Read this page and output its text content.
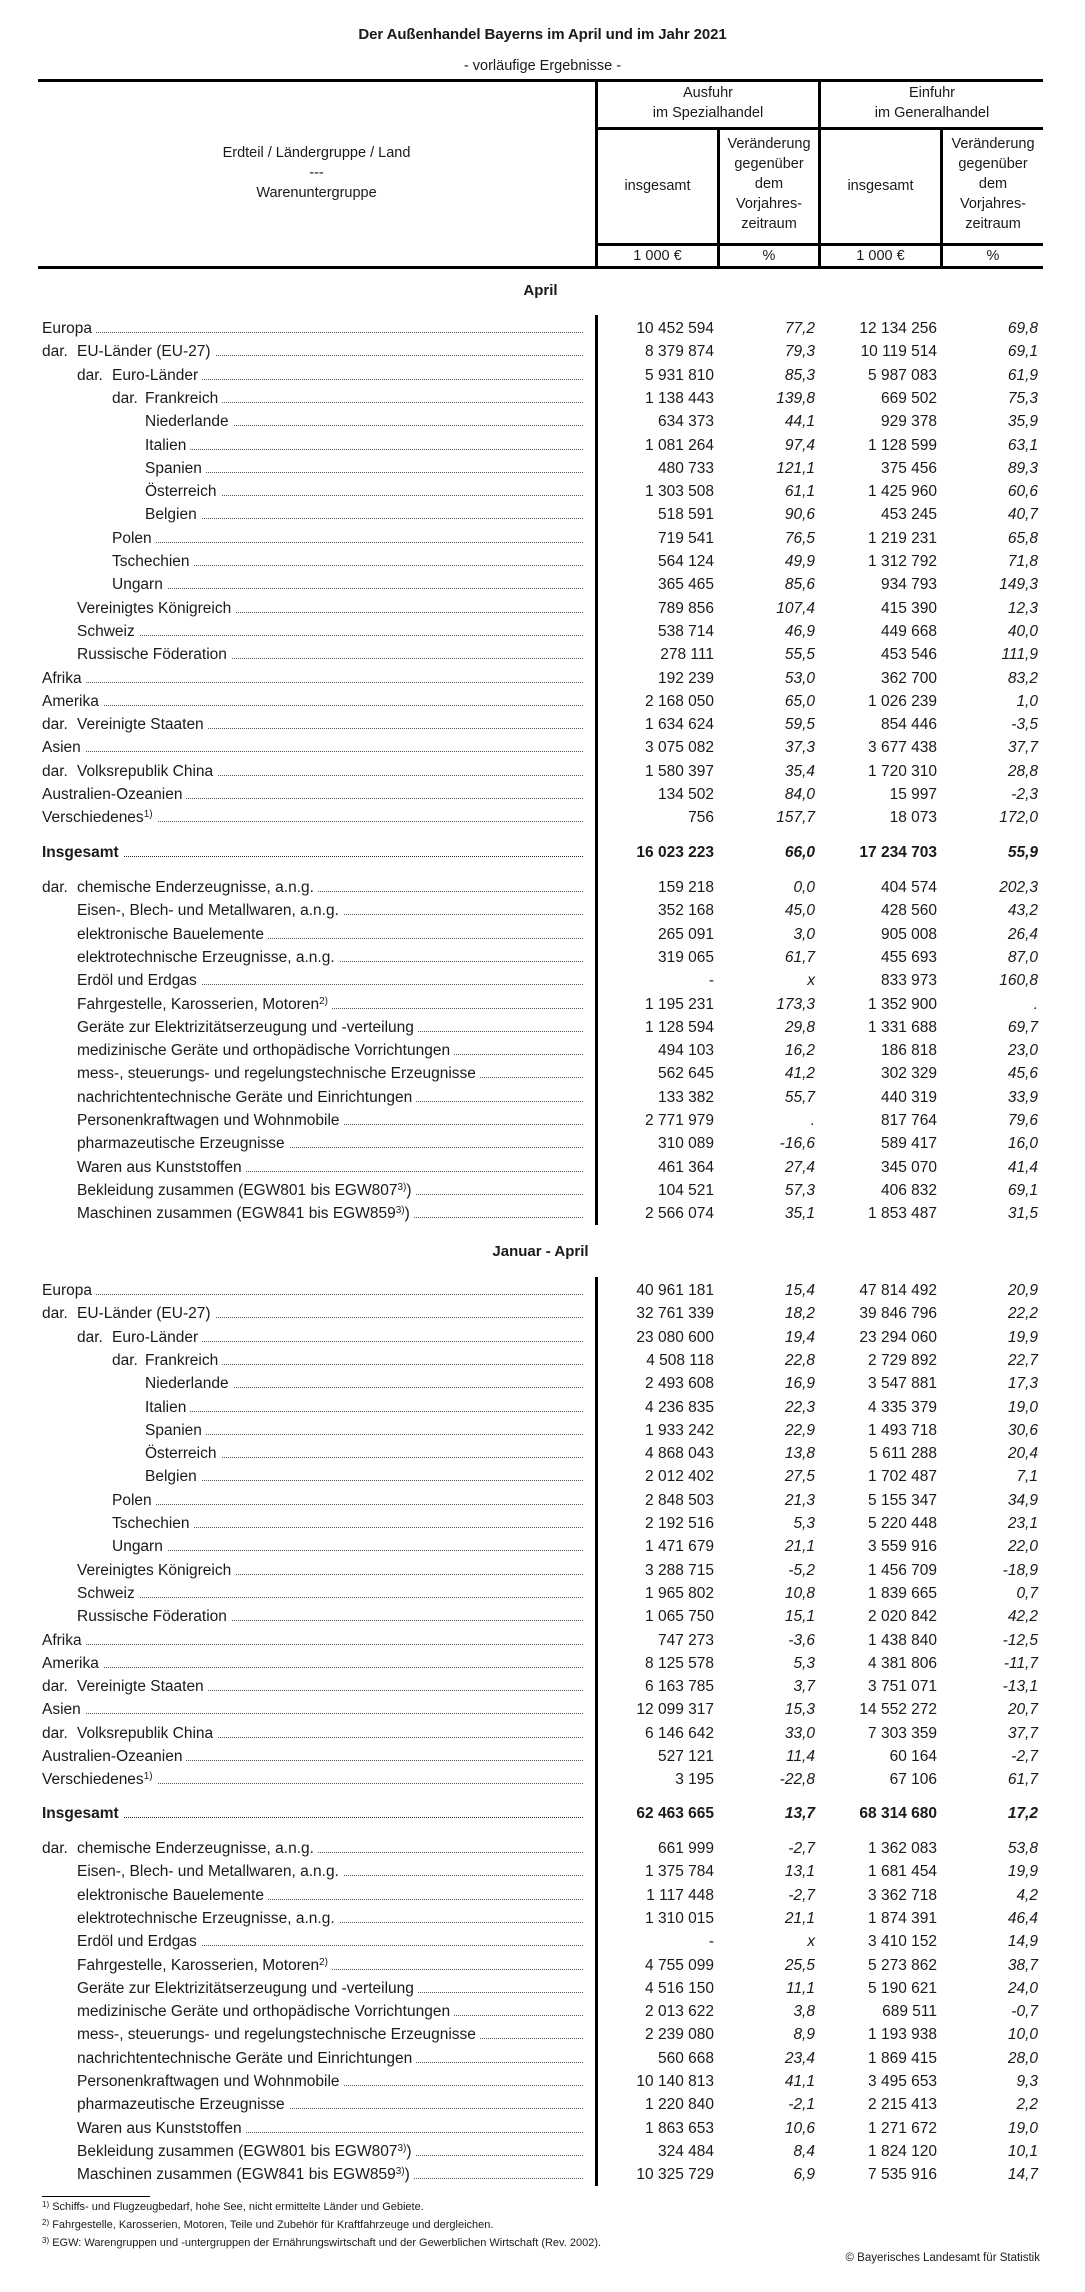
Der Außenhandel Bayerns im April und im Jahr 2021
- vorläufige Ergebnisse -
Erdteil / Ländergruppe / Land
---
Warenuntergruppe
Ausfuhr
im Spezialhandel
Einfuhr
im Generalhandel
insgesamt
Veränderung
gegenüber
dem
Vorjahres-
zeitraum
insgesamt
Veränderung
gegenüber
dem
Vorjahres-
zeitraum
1 000 €	%	1 000 €	%
April
Europa	10 452 594	77,2	12 134 256	69,8
dar. EU-Länder (EU-27)	8 379 874	79,3	10 119 514	69,1
dar. Euro-Länder	5 931 810	85,3	5 987 083	61,9
dar. Frankreich	1 138 443	139,8	669 502	75,3
Niederlande	634 373	44,1	929 378	35,9
Italien	1 081 264	97,4	1 128 599	63,1
Spanien	480 733	121,1	375 456	89,3
Österreich	1 303 508	61,1	1 425 960	60,6
Belgien	518 591	90,6	453 245	40,7
Polen	719 541	76,5	1 219 231	65,8
Tschechien	564 124	49,9	1 312 792	71,8
Ungarn	365 465	85,6	934 793	149,3
Vereinigtes Königreich	789 856	107,4	415 390	12,3
Schweiz	538 714	46,9	449 668	40,0
Russische Föderation	278 111	55,5	453 546	111,9
Afrika	192 239	53,0	362 700	83,2
Amerika	2 168 050	65,0	1 026 239	1,0
dar. Vereinigte Staaten	1 634 624	59,5	854 446	-3,5
Asien	3 075 082	37,3	3 677 438	37,7
dar. Volksrepublik China	1 580 397	35,4	1 720 310	28,8
Australien-Ozeanien	134 502	84,0	15 997	-2,3
Verschiedenes$^{1)}$	756	157,7	18 073	172,0
Insgesamt	16 023 223	66,0	17 234 703	55,9
dar. chemische Enderzeugnisse, a.n.g.	159 218	0,0	404 574	202,3
Eisen-, Blech- und Metallwaren, a.n.g.	352 168	45,0	428 560	43,2
elektronische Bauelemente	265 091	3,0	905 008	26,4
elektrotechnische Erzeugnisse, a.n.g.	319 065	61,7	455 693	87,0
Erdöl und Erdgas	-	x	833 973	160,8
Fahrgestelle, Karosserien, Motoren$^{2)}$	1 195 231	173,3	1 352 900	.
Geräte zur Elektrizitätserzeugung und -verteilung	1 128 594	29,8	1 331 688	69,7
medizinische Geräte und orthopädische Vorrichtungen	494 103	16,2	186 818	23,0
mess-, steuerungs- und regelungstechnische Erzeugnisse	562 645	41,2	302 329	45,6
nachrichtentechnische Geräte und Einrichtungen	133 382	55,7	440 319	33,9
Personenkraftwagen und Wohnmobile	2 771 979	.	817 764	79,6
pharmazeutische Erzeugnisse	310 089	-16,6	589 417	16,0
Waren aus Kunststoffen	461 364	27,4	345 070	41,4
Bekleidung zusammen (EGW801 bis EGW807$^{3)}$)	104 521	57,3	406 832	69,1
Maschinen zusammen (EGW841 bis EGW859$^{3)}$)	2 566 074	35,1	1 853 487	31,5
Januar - April
Europa	40 961 181	15,4	47 814 492	20,9
dar. EU-Länder (EU-27)	32 761 339	18,2	39 846 796	22,2
dar. Euro-Länder	23 080 600	19,4	23 294 060	19,9
dar. Frankreich	4 508 118	22,8	2 729 892	22,7
Niederlande	2 493 608	16,9	3 547 881	17,3
Italien	4 236 835	22,3	4 335 379	19,0
Spanien	1 933 242	22,9	1 493 718	30,6
Österreich	4 868 043	13,8	5 611 288	20,4
Belgien	2 012 402	27,5	1 702 487	7,1
Polen	2 848 503	21,3	5 155 347	34,9
Tschechien	2 192 516	5,3	5 220 448	23,1
Ungarn	1 471 679	21,1	3 559 916	22,0
Vereinigtes Königreich	3 288 715	-5,2	1 456 709	-18,9
Schweiz	1 965 802	10,8	1 839 665	0,7
Russische Föderation	1 065 750	15,1	2 020 842	42,2
Afrika	747 273	-3,6	1 438 840	-12,5
Amerika	8 125 578	5,3	4 381 806	-11,7
dar. Vereinigte Staaten	6 163 785	3,7	3 751 071	-13,1
Asien	12 099 317	15,3	14 552 272	20,7
dar. Volksrepublik China	6 146 642	33,0	7 303 359	37,7
Australien-Ozeanien	527 121	11,4	60 164	-2,7
Verschiedenes$^{1)}$	3 195	-22,8	67 106	61,7
Insgesamt	62 463 665	13,7	68 314 680	17,2
dar. chemische Enderzeugnisse, a.n.g.	661 999	-2,7	1 362 083	53,8
Eisen-, Blech- und Metallwaren, a.n.g.	1 375 784	13,1	1 681 454	19,9
elektronische Bauelemente	1 117 448	-2,7	3 362 718	4,2
elektrotechnische Erzeugnisse, a.n.g.	1 310 015	21,1	1 874 391	46,4
Erdöl und Erdgas	-	x	3 410 152	14,9
Fahrgestelle, Karosserien, Motoren$^{2)}$	4 755 099	25,5	5 273 862	38,7
Geräte zur Elektrizitätserzeugung und -verteilung	4 516 150	11,1	5 190 621	24,0
medizinische Geräte und orthopädische Vorrichtungen	2 013 622	3,8	689 511	-0,7
mess-, steuerungs- und regelungstechnische Erzeugnisse	2 239 080	8,9	1 193 938	10,0
nachrichtentechnische Geräte und Einrichtungen	560 668	23,4	1 869 415	28,0
Personenkraftwagen und Wohnmobile	10 140 813	41,1	3 495 653	9,3
pharmazeutische Erzeugnisse	1 220 840	-2,1	2 215 413	2,2
Waren aus Kunststoffen	1 863 653	10,6	1 271 672	19,0
Bekleidung zusammen (EGW801 bis EGW807$^{3)}$)	324 484	8,4	1 824 120	10,1
Maschinen zusammen (EGW841 bis EGW859$^{3)}$)	10 325 729	6,9	7 535 916	14,7
$^{1)}$ Schiffs- und Flugzeugbedarf, hohe See, nicht ermittelte Länder und Gebiete.
$^{2)}$ Fahrgestelle, Karosserien, Motoren, Teile und Zubehör für Kraftfahrzeuge und dergleichen.
$^{3)}$ EGW: Warengruppen und -untergruppen der Ernährungswirtschaft und der Gewerblichen Wirtschaft (Rev. 2002).
© Bayerisches Landesamt für Statistik
